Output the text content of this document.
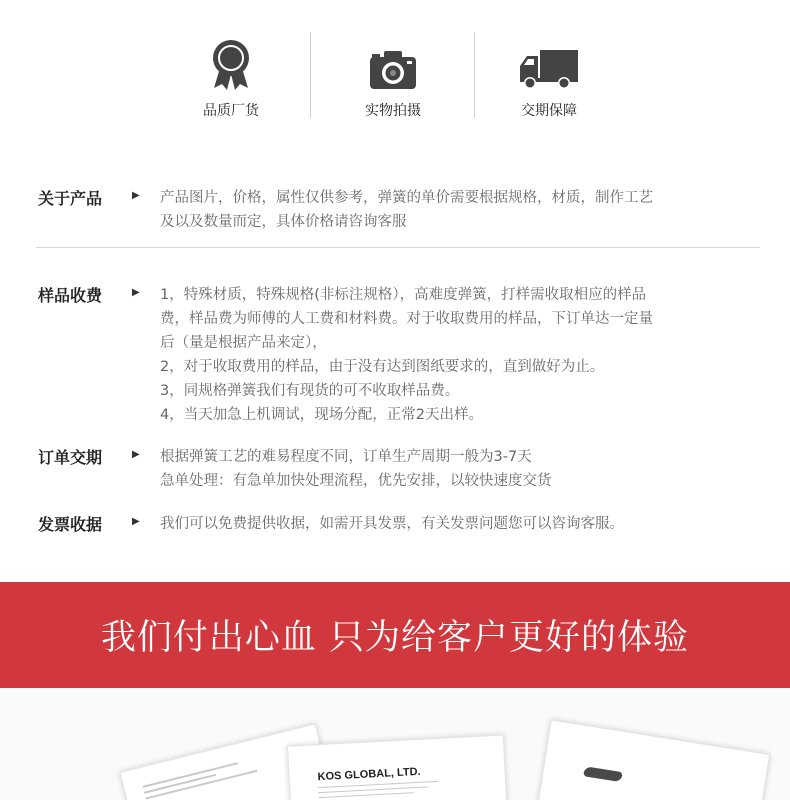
品质厂货	实物拍摄	交期保障
关于产品	▶ 产品图片，价格，属性仅供参考，弹簧的单价需要根据规格，材质，制作工艺

及以及数量而定，具体价格请咨询客服

样品收费	▶ 1，特殊材质，特殊规格(非标注规格），高难度弹簧，打样需收取相应的样品

费，样品费为师傅的人工费和材料费。对于收取费用的样品，下订单达一定量

后（量是根据产品来定），

2，对于收取费用的样品，由于没有达到图纸要求的，直到做好为止。

3，同规格弹簧我们有现货的可不收取样品费。

4，当天加急上机调试，现场分配，正常2天出样。

订单交期	▶ 根据弹簧工艺的难易程度不同，订单生产周期一般为3-7天

急单处理：有急单加快处理流程，优先安排，以较快速度交货

发票收据	▶ 我们可以免费提供收据，如需开具发票，有关发票问题您可以咨询客服。

我们付出心血 只为给客户更好的体验
KOS GLOBAL, LTD.
